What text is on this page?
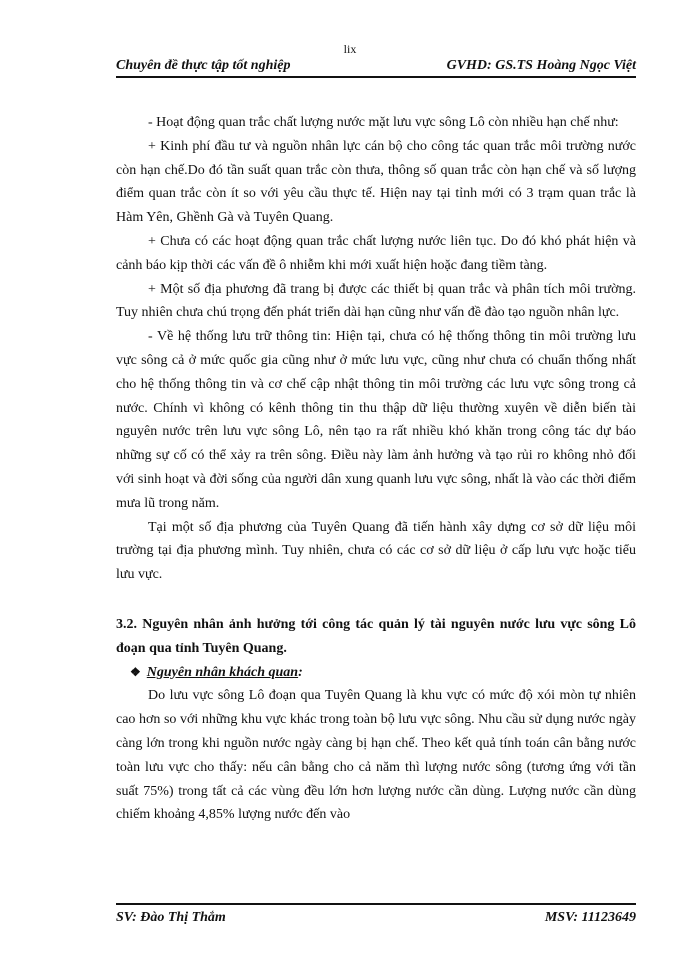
lix
Chuyên đề thực tập tốt nghiệp	GVHD: GS.TS Hoàng Ngọc Việt

- Hoạt động quan trắc chất lượng nước mặt lưu vực sông Lô còn nhiều hạn chế như:

+ Kinh phí đầu tư và nguồn nhân lực cán bộ cho công tác quan trắc môi trường nước còn hạn chế.Do đó tần suất quan trắc còn thưa, thông số quan trắc còn hạn chế và số lượng điểm quan trắc còn ít so với yêu cầu thực tế. Hiện nay tại tỉnh mới có 3 trạm quan trắc là Hàm Yên, Ghềnh Gà và Tuyên Quang.

+ Chưa có các hoạt động quan trắc chất lượng nước liên tục. Do đó khó phát hiện và cảnh báo kịp thời các vấn đề ô nhiễm khi mới xuất hiện hoặc đang tiềm tàng.

+ Một số địa phương đã trang bị được các thiết bị quan trắc và phân tích môi trường. Tuy nhiên chưa chú trọng đến phát triển dài hạn cũng như vấn đề đào tạo nguồn nhân lực.

- Về hệ thống lưu trữ thông tin: Hiện tại, chưa có hệ thống thông tin môi trường lưu vực sông cả ở mức quốc gia cũng như ở mức lưu vực, cũng như chưa có chuẩn thống nhất cho hệ thống thông tin và cơ chế cập nhật thông tin môi trường các lưu vực sông trong cả nước. Chính vì không có kênh thông tin thu thập dữ liệu thường xuyên về diễn biến tài nguyên nước trên lưu vực sông Lô, nên tạo ra rất nhiều khó khăn trong công tác dự báo những sự cố có thể xảy ra trên sông. Điều này làm ảnh hưởng và tạo rủi ro không nhỏ đối với sinh hoạt và đời sống của người dân xung quanh lưu vực sông, nhất là vào các thời điểm mưa lũ trong năm.

Tại một số địa phương của Tuyên Quang đã tiến hành xây dựng cơ sở dữ liệu môi trường tại địa phương mình. Tuy nhiên, chưa có các cơ sở dữ liệu ở cấp lưu vực hoặc tiểu lưu vực.

3.2. Nguyên nhân ảnh hưởng tới công tác quản lý tài nguyên nước lưu vực sông Lô đoạn qua tỉnh Tuyên Quang.

❖ Nguyên nhân khách quan:

Do lưu vực sông Lô đoạn qua Tuyên Quang là khu vực có mức độ xói mòn tự nhiên cao hơn so với những khu vực khác trong toàn bộ lưu vực sông. Nhu cầu sử dụng nước ngày càng lớn trong khi nguồn nước ngày càng bị hạn chế. Theo kết quả tính toán cân bằng nước toàn lưu vực cho thấy: nếu cân bằng cho cả năm thì lượng nước sông (tương ứng với tần suất 75%) trong tất cả các vùng đều lớn hơn lượng nước cần dùng. Lượng nước cần dùng chiếm khoảng 4,85% lượng nước đến vào

SV: Đào Thị Thắm	MSV: 11123649
